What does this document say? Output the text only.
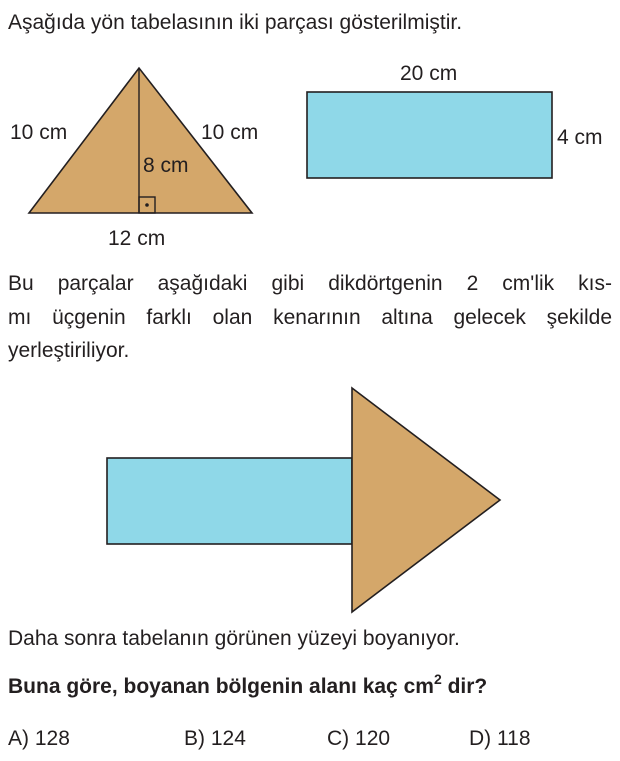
Aşağıda yön tabelasının iki parçası gösterilmiştir.
10 cm	10 cm
8 cm
12 cm
20 cm
4 cm
Bu parçalar aşağıdaki gibi dikdörtgenin 2 cm'lik kıs-
mı üçgenin farklı olan kenarının altına gelecek şekilde
yerleştiriliyor.
Daha sonra tabelanın görünen yüzeyi boyanıyor.
Buna göre, boyanan bölgenin alanı kaç $cm^2$ dir?
A) 128	B) 124	C) 120	D) 118
